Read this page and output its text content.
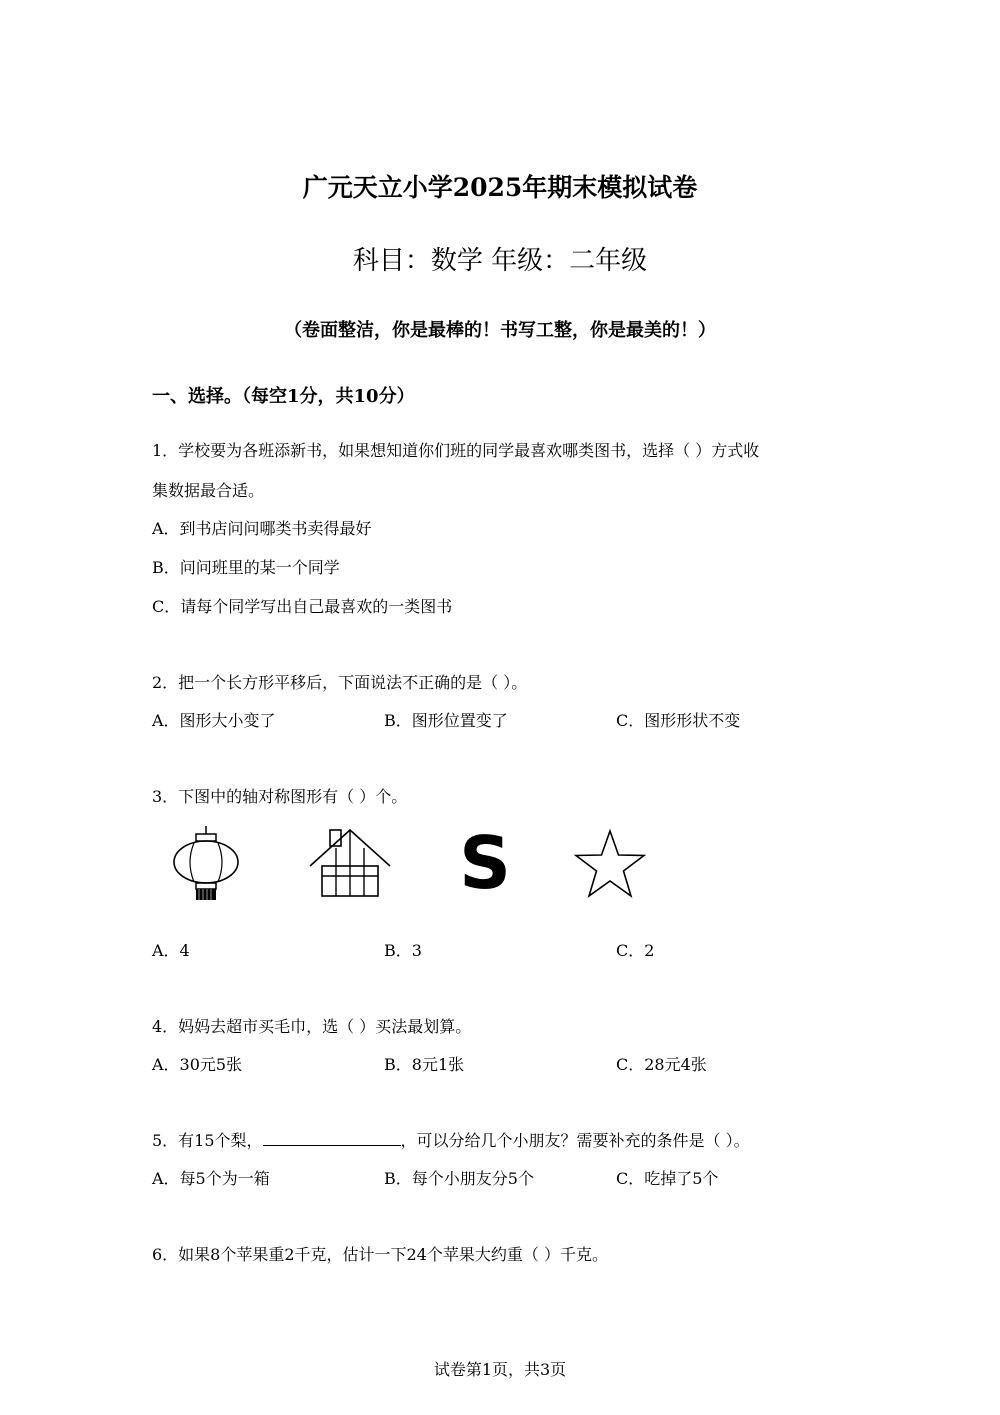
广元天立小学2025年期末模拟试卷
科目：数学 年级：二年级
（卷面整洁，你是最棒的！书写工整，你是最美的！）
一、选择。（每空1分，共10分）
1．学校要为各班添新书，如果想知道你们班的同学最喜欢哪类图书，选择（ ）方式收
集数据最合适。
A．到书店问问哪类书卖得最好
B．问问班里的某一个同学
C．请每个同学写出自己最喜欢的一类图书
2．把一个长方形平移后，下面说法不正确的是（ ）。
A．图形大小变了	B．图形位置变了	C．图形形状不变
3．下图中的轴对称图形有（ ）个。
S
A．4	B．3	C．2
4．妈妈去超市买毛巾，选（ ）买法最划算。
A．30元5张	B．8元1张	C．28元4张
5．有15个梨，	，可以分给几个小朋友？需要补充的条件是（ ）。
A．每5个为一箱	B．每个小朋友分5个	C．吃掉了5个
6．如果8个苹果重2千克，估计一下24个苹果大约重（ ）千克。
试卷第1页，共3页
